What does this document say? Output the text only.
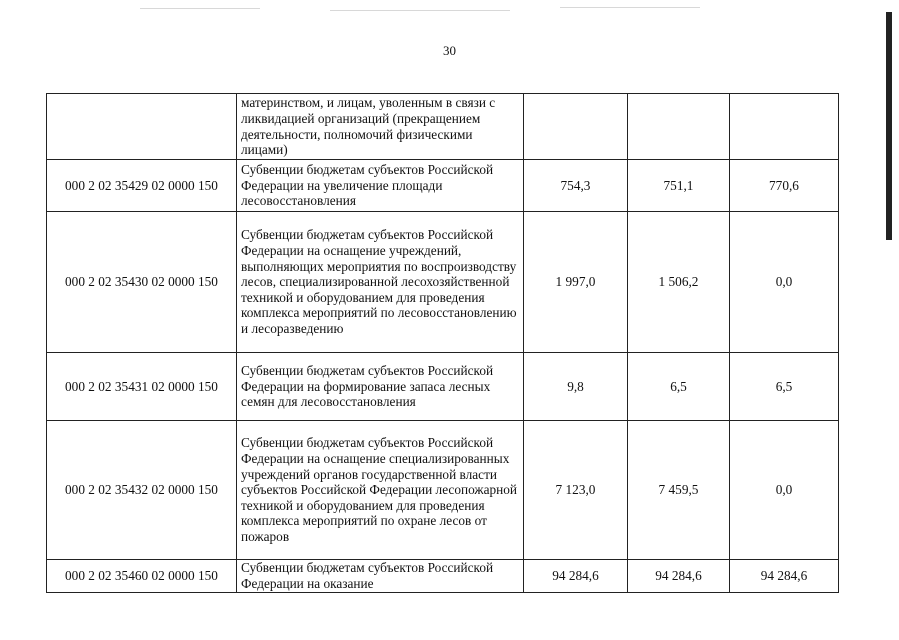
30

	материнством, и лицам, уволенным в связи с ликвидацией организаций (прекращением деятельности, полномочий физическими лицами)			

000 2 02 35429 02 0000 150	Субвенции бюджетам субъектов Российской Федерации на увеличение площади лесовосстановления	754,3	751,1	770,6
000 2 02 35430 02 0000 150	Субвенции бюджетам субъектов Российской Федерации на оснащение учреждений, выполняющих мероприятия по воспроизводству лесов, специализированной лесохозяйственной техникой и оборудованием для проведения комплекса мероприятий по лесовосстановлению и лесоразведению	1 997,0	1 506,2	0,0
000 2 02 35431 02 0000 150	Субвенции бюджетам субъектов Российской Федерации на формирование запаса лесных семян для лесовосстановления	9,8	6,5	6,5
000 2 02 35432 02 0000 150	Субвенции бюджетам субъектов Российской Федерации на оснащение специализированных учреждений органов государственной власти субъектов Российской Федерации лесопожарной техникой и оборудованием для проведения комплекса мероприятий по охране лесов от пожаров	7 123,0	7 459,5	0,0
000 2 02 35460 02 0000 150	Субвенции бюджетам субъектов Российской Федерации на оказание	94 284,6	94 284,6	94 284,6
